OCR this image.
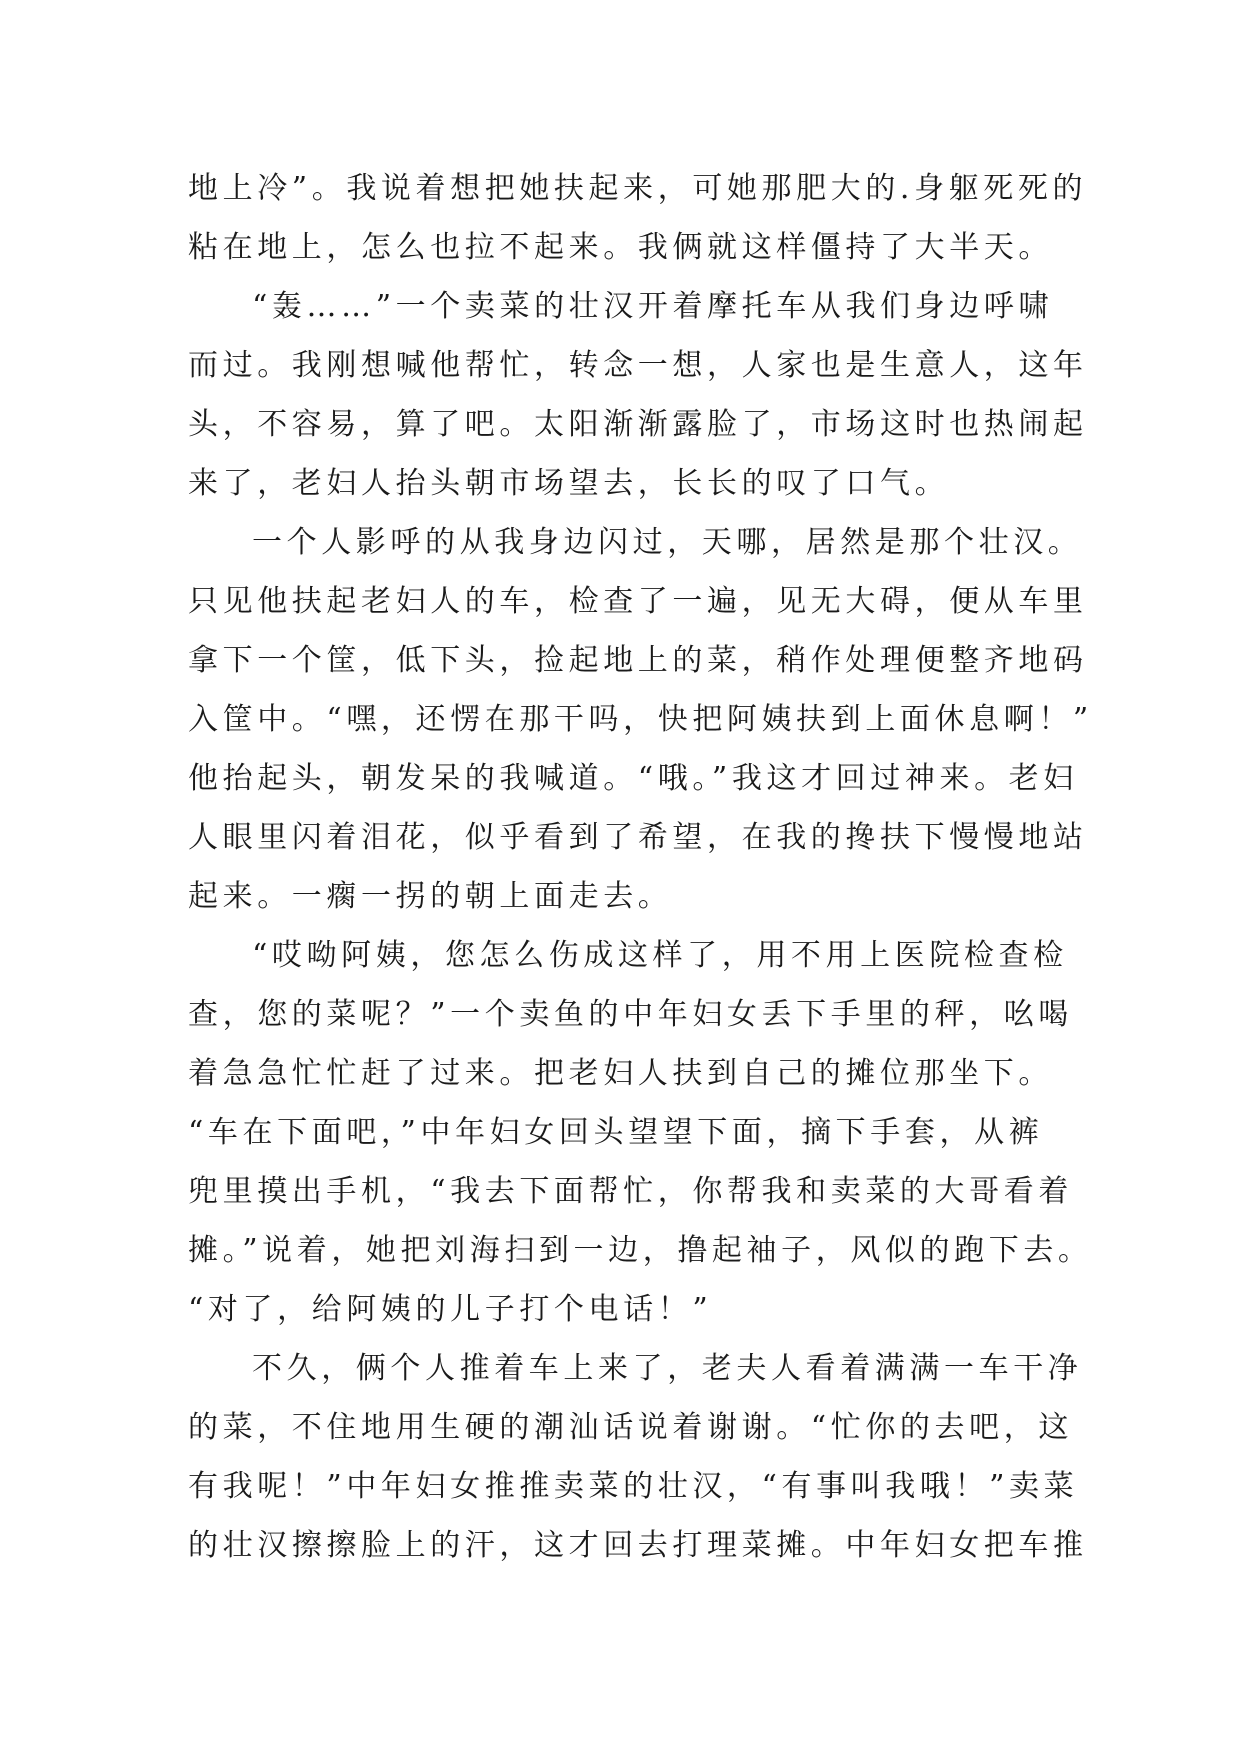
地上冷”。我说着想把她扶起来，可她那肥大的.身躯死死的
粘在地上，怎么也拉不起来。我俩就这样僵持了大半天。
“轰……”一个卖菜的壮汉开着摩托车从我们身边呼啸
而过。我刚想喊他帮忙，转念一想，人家也是生意人，这年
头，不容易，算了吧。太阳渐渐露脸了，市场这时也热闹起
来了，老妇人抬头朝市场望去，长长的叹了口气。
一个人影呼的从我身边闪过，天哪，居然是那个壮汉。
只见他扶起老妇人的车，检查了一遍，见无大碍，便从车里
拿下一个筐，低下头，捡起地上的菜，稍作处理便整齐地码
入筐中。“嘿，还愣在那干吗，快把阿姨扶到上面休息啊！”
他抬起头，朝发呆的我喊道。“哦。”我这才回过神来。老妇
人眼里闪着泪花，似乎看到了希望，在我的搀扶下慢慢地站
起来。一瘸一拐的朝上面走去。
“哎呦阿姨，您怎么伤成这样了，用不用上医院检查检
查，您的菜呢？”一个卖鱼的中年妇女丢下手里的秤，吆喝
着急急忙忙赶了过来。把老妇人扶到自己的摊位那坐下。
“车在下面吧，”中年妇女回头望望下面，摘下手套，从裤
兜里摸出手机，“我去下面帮忙，你帮我和卖菜的大哥看着
摊。”说着，她把刘海扫到一边，撸起袖子，风似的跑下去。
“对了，给阿姨的儿子打个电话！”
不久，俩个人推着车上来了，老夫人看着满满一车干净
的菜，不住地用生硬的潮汕话说着谢谢。“忙你的去吧，这
有我呢！”中年妇女推推卖菜的壮汉，“有事叫我哦！”卖菜
的壮汉擦擦脸上的汗，这才回去打理菜摊。中年妇女把车推
